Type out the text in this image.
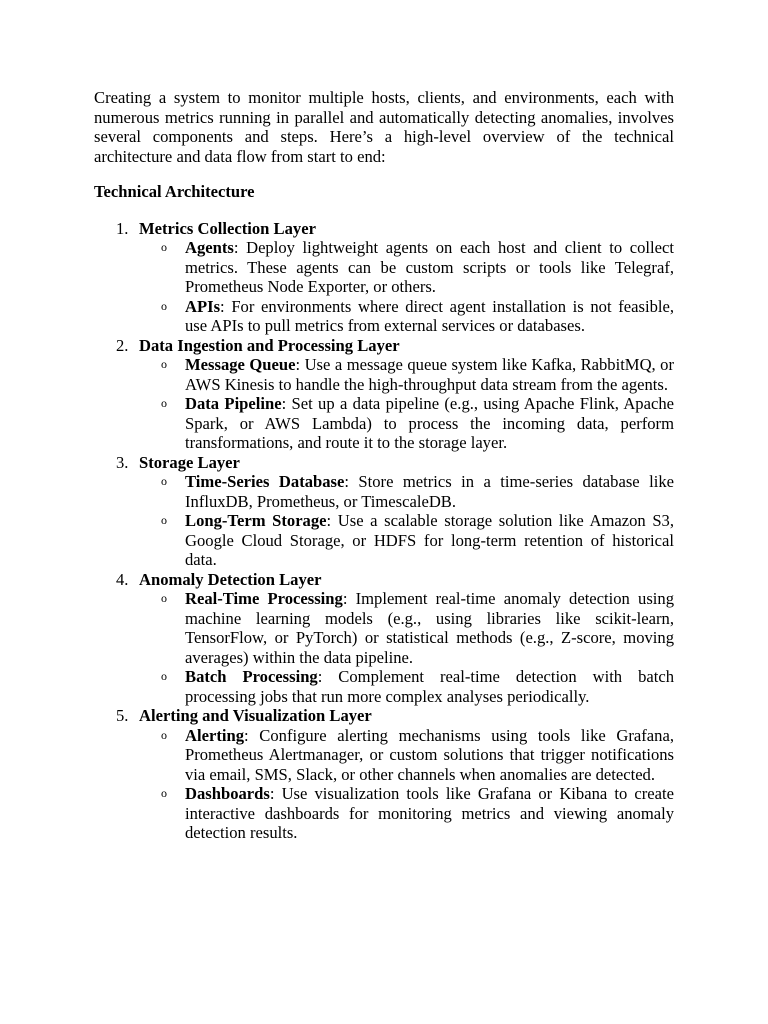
Creating a system to monitor multiple hosts, clients, and environments, each with numerous metrics running in parallel and automatically detecting anomalies, involves several components and steps. Here’s a high-level overview of the technical architecture and data flow from start to end:

Technical Architecture
1. Metrics Collection Layer
o Agents: Deploy lightweight agents on each host and client to collect metrics. These agents can be custom scripts or tools like Telegraf, Prometheus Node Exporter, or others.
o APIs: For environments where direct agent installation is not feasible, use APIs to pull metrics from external services or databases.
2. Data Ingestion and Processing Layer
o Message Queue: Use a message queue system like Kafka, RabbitMQ, or AWS Kinesis to handle the high-throughput data stream from the agents.
o Data Pipeline: Set up a data pipeline (e.g., using Apache Flink, Apache Spark, or AWS Lambda) to process the incoming data, perform transformations, and route it to the storage layer.
3. Storage Layer
o Time-Series Database: Store metrics in a time-series database like InfluxDB, Prometheus, or TimescaleDB.
o Long-Term Storage: Use a scalable storage solution like Amazon S3, Google Cloud Storage, or HDFS for long-term retention of historical data.
4. Anomaly Detection Layer
o Real-Time Processing: Implement real-time anomaly detection using machine learning models (e.g., using libraries like scikit-learn, TensorFlow, or PyTorch) or statistical methods (e.g., Z-score, moving averages) within the data pipeline.
o Batch Processing: Complement real-time detection with batch processing jobs that run more complex analyses periodically.
5. Alerting and Visualization Layer
o Alerting: Configure alerting mechanisms using tools like Grafana, Prometheus Alertmanager, or custom solutions that trigger notifications via email, SMS, Slack, or other channels when anomalies are detected.
o Dashboards: Use visualization tools like Grafana or Kibana to create interactive dashboards for monitoring metrics and viewing anomaly detection results.
